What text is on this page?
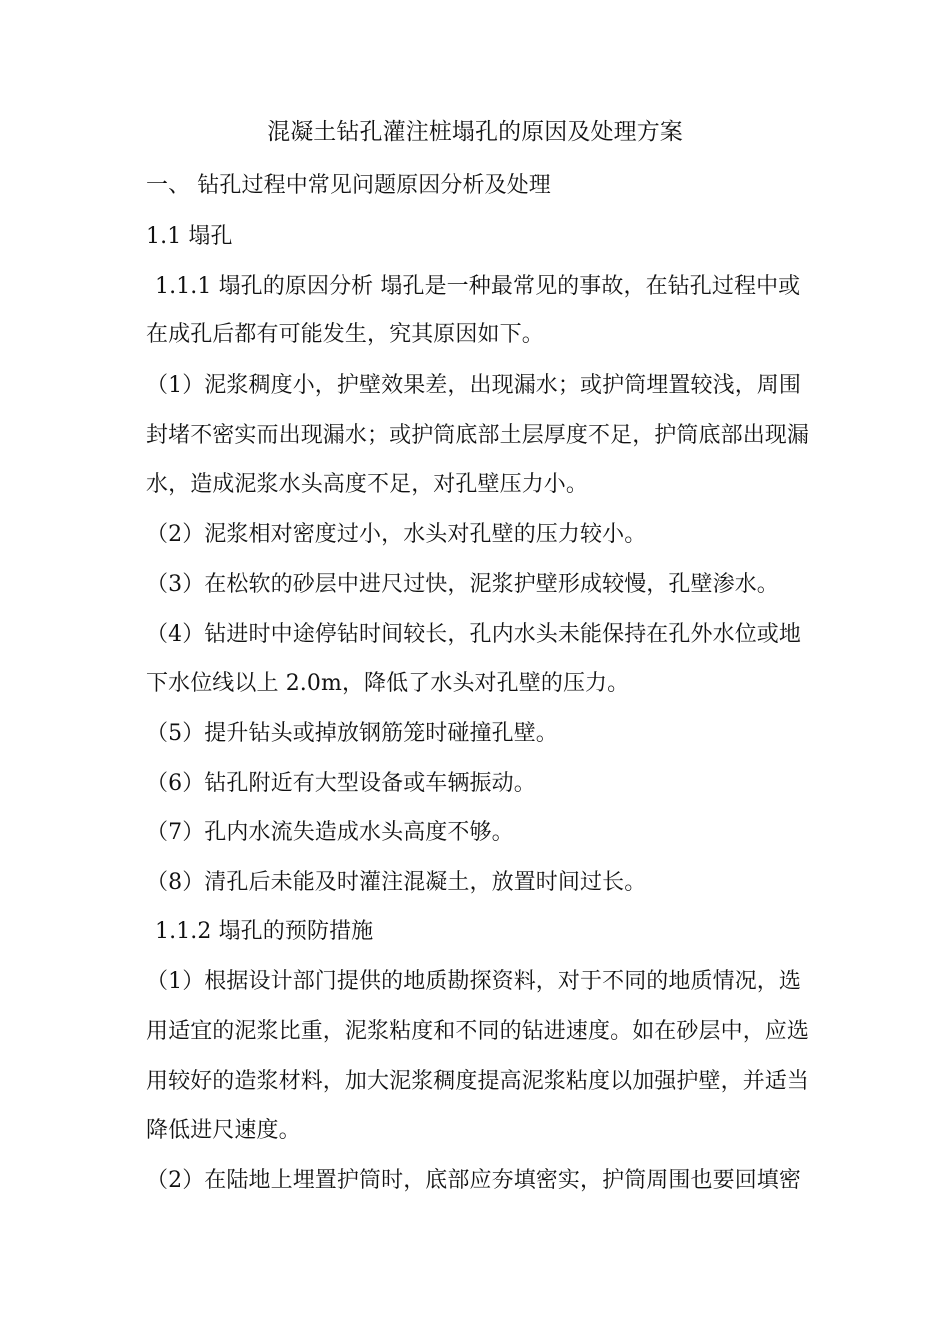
混凝土钻孔灌注桩塌孔的原因及处理方案
一、 钻孔过程中常见问题原因分析及处理
1.1 塌孔
1.1.1 塌孔的原因分析 塌孔是一种最常见的事故，在钻孔过程中或
在成孔后都有可能发生，究其原因如下。
（1）泥浆稠度小，护壁效果差，出现漏水；或护筒埋置较浅，周围
封堵不密实而出现漏水；或护筒底部土层厚度不足，护筒底部出现漏
水，造成泥浆水头高度不足，对孔壁压力小。
（2）泥浆相对密度过小，水头对孔壁的压力较小。
（3）在松软的砂层中进尺过快，泥浆护壁形成较慢，孔壁渗水。
（4）钻进时中途停钻时间较长，孔内水头未能保持在孔外水位或地
下水位线以上 2.0m，降低了水头对孔壁的压力。
（5）提升钻头或掉放钢筋笼时碰撞孔壁。
（6）钻孔附近有大型设备或车辆振动。
（7）孔内水流失造成水头高度不够。
（8）清孔后未能及时灌注混凝土，放置时间过长。
1.1.2 塌孔的预防措施
（1）根据设计部门提供的地质勘探资料，对于不同的地质情况，选
用适宜的泥浆比重，泥浆粘度和不同的钻进速度。如在砂层中，应选
用较好的造浆材料，加大泥浆稠度提高泥浆粘度以加强护壁，并适当
降低进尺速度。
（2）在陆地上埋置护筒时，底部应夯填密实，护筒周围也要回填密
